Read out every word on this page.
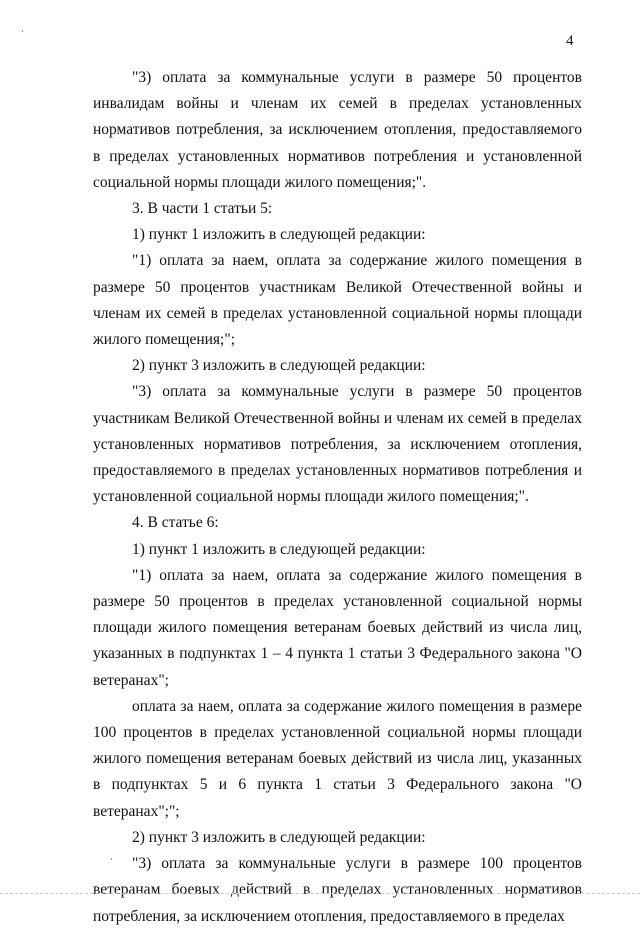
4

"3) оплата за коммунальные услуги в размере 50 процентов инвалидам войны и членам их семей в пределах установленных нормативов потребления, за исключением отопления, предоставляемого в пределах установленных нормативов потребления и установленной социальной нормы площади жилого помещения;".

3. В части 1 статьи 5:

1) пункт 1 изложить в следующей редакции:

"1) оплата за наем, оплата за содержание жилого помещения в размере 50 процентов участникам Великой Отечественной войны и членам их семей в пределах установленной социальной нормы площади жилого помещения;";

2) пункт 3 изложить в следующей редакции:

"3) оплата за коммунальные услуги в размере 50 процентов участникам Великой Отечественной войны и членам их семей в пределах установленных нормативов потребления, за исключением отопления, предоставляемого в пределах установленных нормативов потребления и установленной социальной нормы площади жилого помещения;".

4. В статье 6:

1) пункт 1 изложить в следующей редакции:

"1) оплата за наем, оплата за содержание жилого помещения в размере 50 процентов в пределах установленной социальной нормы площади жилого помещения ветеранам боевых действий из числа лиц, указанных в подпунктах 1 – 4 пункта 1 статьи 3 Федерального закона "О ветеранах";

оплата за наем, оплата за содержание жилого помещения в размере 100 процентов в пределах установленной социальной нормы площади жилого помещения ветеранам боевых действий из числа лиц, указанных в подпунктах 5 и 6 пункта 1 статьи 3 Федерального закона "О ветеранах";";

2) пункт 3 изложить в следующей редакции:

"3) оплата за коммунальные услуги в размере 100 процентов ветеранам боевых действий в пределах установленных нормативов потребления, за исключением отопления, предоставляемого в пределах
